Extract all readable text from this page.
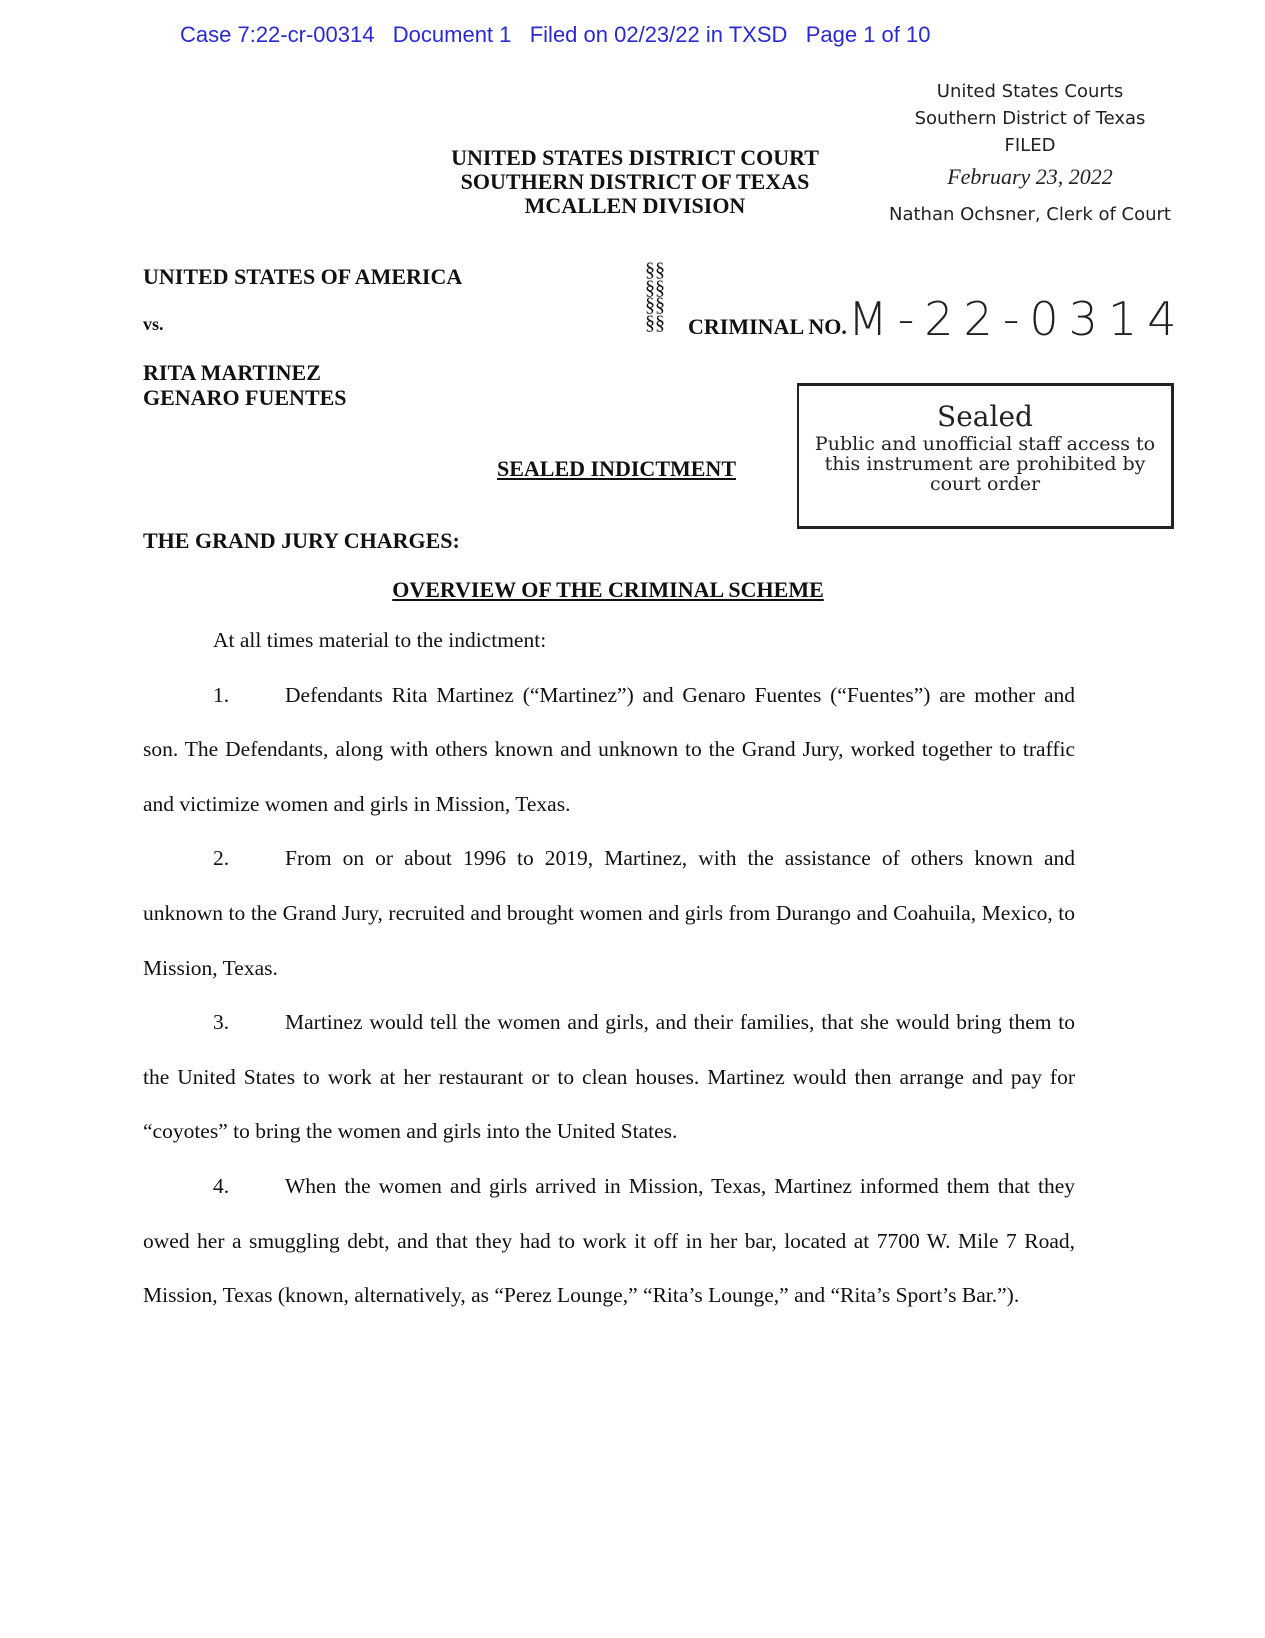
Case 7:22-cr-00314   Document 1   Filed on 02/23/22 in TXSD   Page 1 of 10
United States Courts
Southern District of Texas
FILED
February 23, 2022
Nathan Ochsner, Clerk of Court
UNITED STATES DISTRICT COURT
SOUTHERN DISTRICT OF TEXAS
MCALLEN DIVISION
UNITED STATES OF AMERICA
vs.
RITA MARTINEZ
GENARO FUENTES
§§§§§§§§ CRIMINAL NO. M-22-0314
Sealed
Public and unofficial staff access to this instrument are prohibited by court order
SEALED INDICTMENT
THE GRAND JURY CHARGES:
OVERVIEW OF THE CRIMINAL SCHEME

At all times material to the indictment:

1.	Defendants Rita Martinez (“Martinez”) and Genaro Fuentes (“Fuentes”) are mother and son. The Defendants, along with others known and unknown to the Grand Jury, worked together to traffic and victimize women and girls in Mission, Texas.

2.	From on or about 1996 to 2019, Martinez, with the assistance of others known and unknown to the Grand Jury, recruited and brought women and girls from Durango and Coahuila, Mexico, to Mission, Texas.

3.	Martinez would tell the women and girls, and their families, that she would bring them to the United States to work at her restaurant or to clean houses. Martinez would then arrange and pay for “coyotes” to bring the women and girls into the United States.

4.	When the women and girls arrived in Mission, Texas, Martinez informed them that they owed her a smuggling debt, and that they had to work it off in her bar, located at 7700 W. Mile 7 Road, Mission, Texas (known, alternatively, as “Perez Lounge,” “Rita’s Lounge,” and “Rita’s Sport’s Bar.”).
